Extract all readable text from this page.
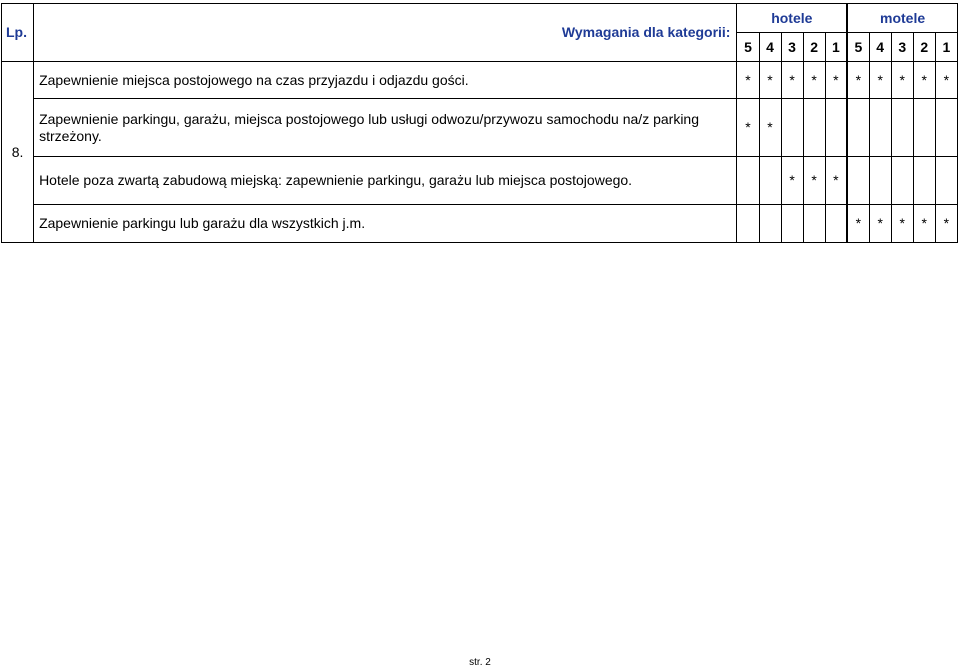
Lp.	Wymagania dla kategorii:	hotele					motele				
		5	4	3	2	1	5	4	3	2	1
8.	Zapewnienie miejsca postojowego na czas przyjazdu i odjazdu gości.	*	*	*	*	*	*	*	*	*	*
	Zapewnienie parkingu, garażu, miejsca postojowego lub usługi odwozu/przywozu samochodu na/z parking strzeżony.	*	*								
	Hotele poza zwartą zabudową miejską: zapewnienie parkingu, garażu lub miejsca postojowego.			*	*	*					
	Zapewnienie parkingu lub garażu dla wszystkich j.m.						*	*	*	*	*
str. 2
